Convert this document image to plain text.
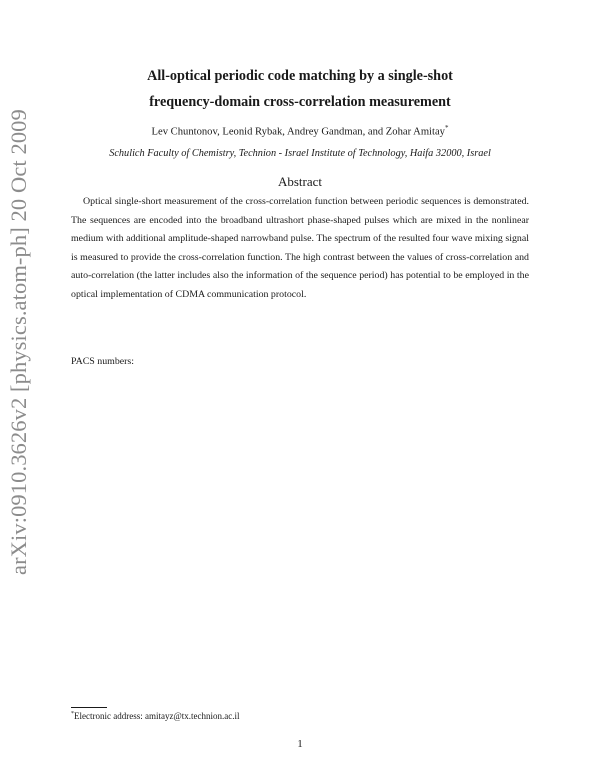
arXiv:0910.3626v2 [physics.atom-ph] 20 Oct 2009
All-optical periodic code matching by a single-shot
frequency-domain cross-correlation measurement
Lev Chuntonov, Leonid Rybak, Andrey Gandman, and Zohar Amitay*
Schulich Faculty of Chemistry, Technion - Israel Institute of Technology, Haifa 32000, Israel
Abstract

Optical single-short measurement of the cross-correlation function between periodic sequences is demonstrated. The sequences are encoded into the broadband ultrashort phase-shaped pulses which are mixed in the nonlinear medium with additional amplitude-shaped narrowband pulse. The spectrum of the resulted four wave mixing signal is measured to provide the cross-correlation function. The high contrast between the values of cross-correlation and auto-correlation (the latter includes also the information of the sequence period) has potential to be employed in the optical implementation of CDMA communication protocol.

PACS numbers:
*Electronic address: amitayz@tx.technion.ac.il
1
